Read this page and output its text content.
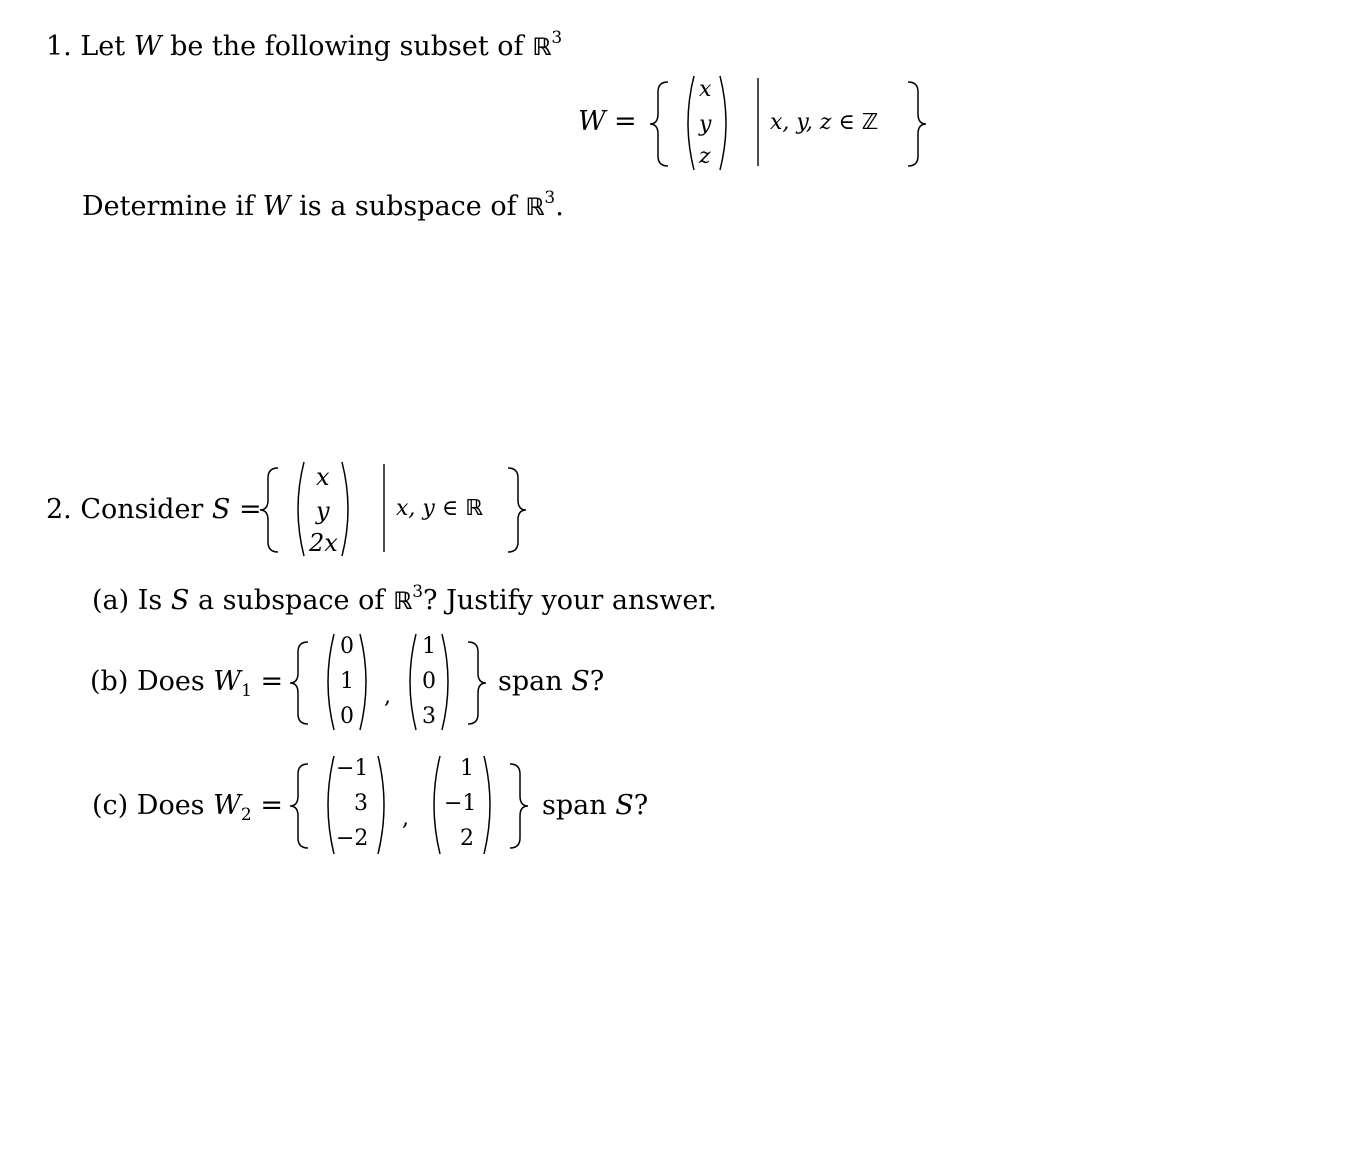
1. Let W be the following subset of ℝ$^3$
W =
x
y
z
x, y, z ∈ ℤ
Determine if W is a subspace of ℝ$^3$.
2. Consider S =
x
y
2x
x, y ∈ ℝ
(a) Is S a subspace of ℝ$^3$? Justify your answer.
(b) Does $W_1$ =
0
1
0
,
1
0
3
span S?
(c) Does $W_2$ =
−1
3
−2
,
1
−1
2
span S?
